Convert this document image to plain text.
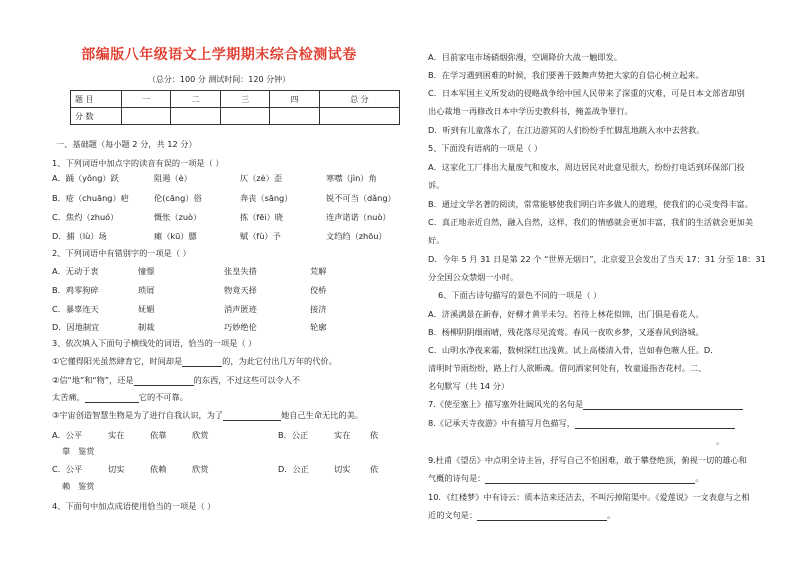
部编版八年级语文上学期期末综合检测试卷
（总分：100 分 测试时间：120 分钟）
题 目	一	二	三	四	总 分
分 数					
一、基础题（每小题 2 分，共 12 分）
1、下列词语中加点字的读音有误的一项是（ ）
A．踊（yǒng）跃	阻遏（è）	仄（zè）歪	寒噤（jìn）角
B．疮（chuāng）疤	伦(cāng）俗	奔丧（sāng）	锐不可当（dǎng）
C．焦灼（zhuó）	慨怅（zuò）	拣（fēi）晓	连声诺诺（nuò）
D．捕（lù）场	瘫（kū）膘	赋（fù）予	文绉绉（zhōu）
2、下列词语中有错别字的一项是（ ）
A．无动于衷	憧憬	张皇失措	荒解
B．鸡零狗碎	琐屑	物竟天择	佼桥
C．暴辜连天	妩媚	消声匿迹	接济
D．因地制宜	制裁	巧妙绝伦	轮廓
3、依次填入下面句子横线处的词语，恰当的一项是（ ）
①它懂得阳光虽然肆育它，时间却是	的，为此它付出几万年的代价。
②信“地”和“物”，还是	的东西，不过这些可以令人不
太苦痛，	它的不可靠。
③宇宙创造智慧生物是为了进行自我认识，为了	她自己生命无比的美。
A．公平	实在	依靠	欣赏	B．公正	实在 依
靠 鉴赏
C．公平	切实	依赖	欣赏	D．公正	切实 依
赖 鉴赏
4、下面句中加点成语使用恰当的一项是（ ）
A．目前家电市场硝烟弥漫，空调降价大战一触即发。
B．在学习遇到困难的时候，我们要善于鼓舞声势把大家的自信心树立起来。
C．日本军国主义所发动的侵略战争给中国人民带来了深重的灾难，可是日本文部省却别
出心裁地一再修改日本中学历史教科书，掩盖战争罪行。
D．听到有儿童落水了，在江边游冥的人们纷纷手忙脚乱地跳入水中去营救。
5、下面没有语病的一项是（ ）
A．这家化工厂排出大量废气和废水，周边居民对此意见很大，纷纷打电话到环保部门投
诉。
B．通过文学名著的阅读，常常能够使我们明白许多做人的道理，使我们的心灵变得丰富。
C．真正地亲近自然，融入自然，这样，我们的情感就会更加丰富，我们的生活就会更加美
好。
D．今年 5 月 31 日是第 22 个 “世界无烟日”，北京爱卫会发出了当天 17：31 分至 18：31
分全国公众禁烟一小时。
6、下面古诗句描写的景色不同的一项是（ ）
A．济溪满景在新春，好柳才黄半未匀。若待上林花似锦，出门俱是看花人。
B．杨柳阴阴细雨晴，残花落尽见流莺。春风一夜吹乡梦，又逐春风到洛城。
C．山明水净夜来霜，数树深红出浅黄。试上高楼清入骨，岂如春色嗾人狂。D．
清明时节雨纷纷，路上行人欲断魂。借问酒家何处有，牧童遥指杏花村。二、
名句默写（共 14 分）
7.《使至塞上》描写塞外壮阔风光的名句是
8.《记承天寺夜游》中有描写月色描写，
。
9.杜甫《望岳》中点明全诗主旨，抒写自己不怕困难，敢于攀登绝顶，俯视一切的雄心和
气概的诗句是：	。
10．《红楼梦》中有诗云：质本洁来还洁去，不叫污掉陷渠中。《爱莲说》一文表意与之相
近的文句是：	。
